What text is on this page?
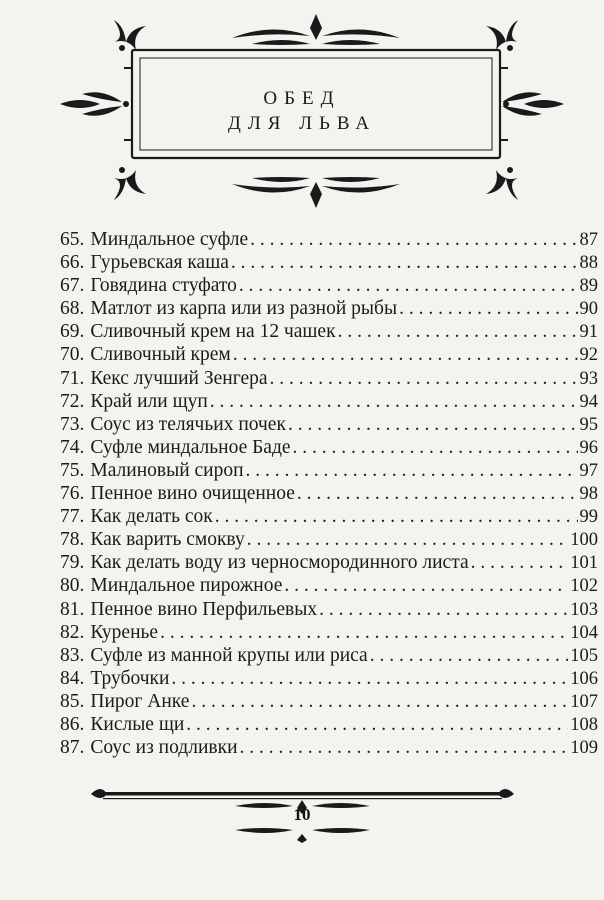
ОБЕД
ДЛЯ ЛЬВА
65. Миндальное суфле . . .	87
66. Гурьевская каша . . .	88
67. Говядина стуфато . . .	89
68. Матлот из карпа или из разной рыбы . . .	90
69. Сливочный крем на 12 чашек . . .	91
70. Сливочный крем . . .	92
71. Кекс лучший Зенгера . . .	93
72. Край или щуп . . .	94
73. Соус из телячьих почек . . .	95
74. Суфле миндальное Баде . . .	96
75. Малиновый сироп . . .	97
76. Пенное вино очищенное . . .	98
77. Как делать сок . . .	99
78. Как варить смокву . . .	100
79. Как делать воду из черносмородинного листа . . .	101
80. Миндальное пирожное . . .	102
81. Пенное вино Перфильевых . . .	103
82. Куренье . . .	104
83. Суфле из манной крупы или риса . . .	105
84. Трубочки . . .	106
85. Пирог Анке . . .	107
86. Кислые щи . . .	108
87. Соус из подливки . . .	109
10
